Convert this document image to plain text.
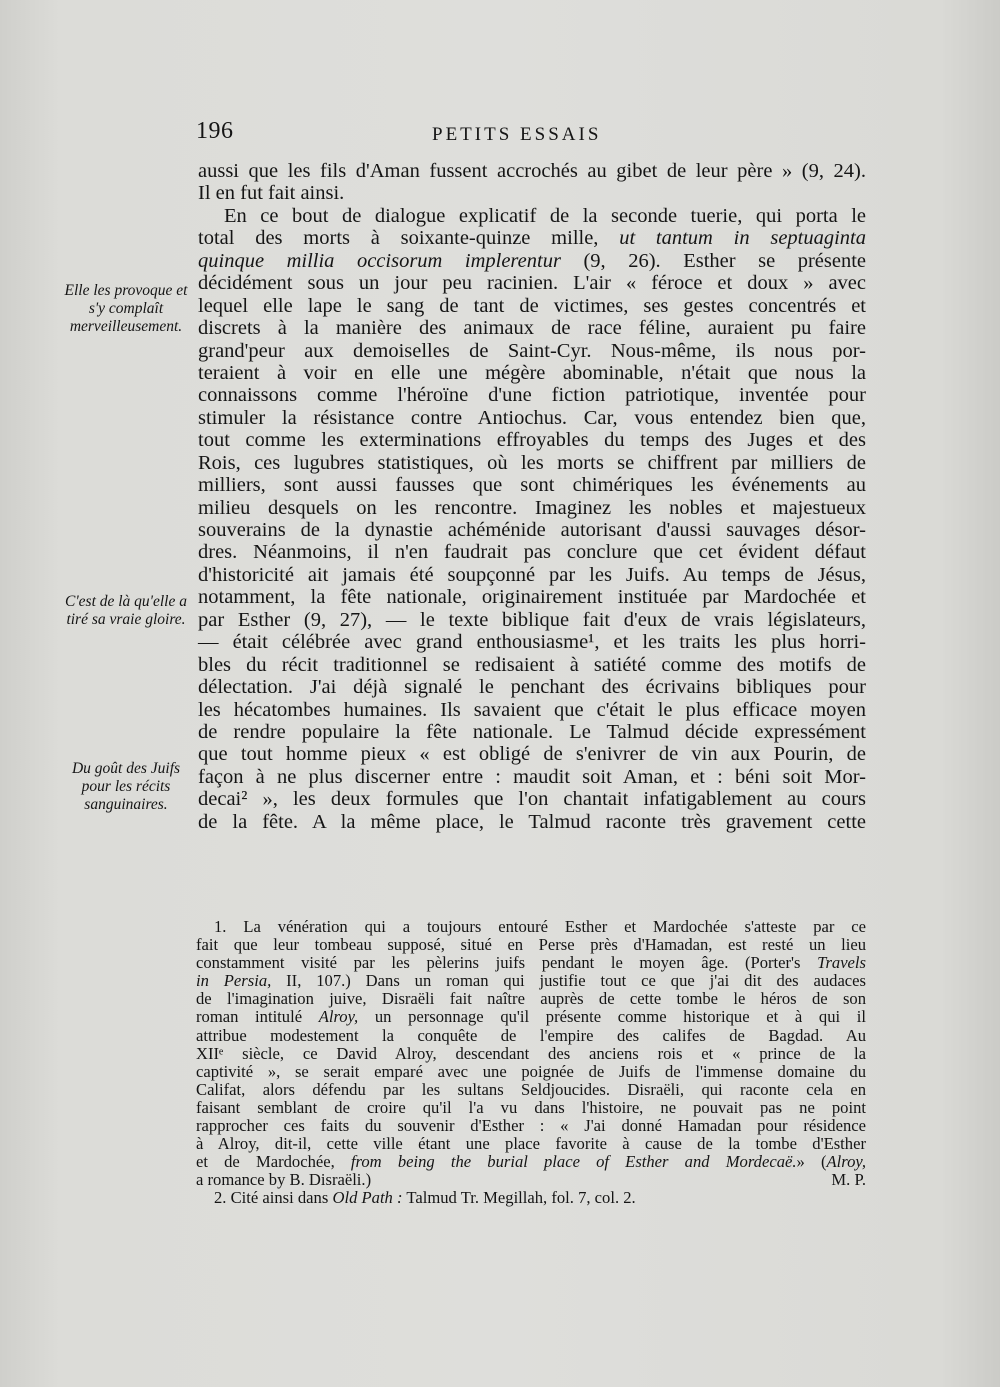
196	PETITS ESSAIS
Elle les provoque et s'y complaît merveilleusement.
C'est de là qu'elle a tiré sa vraie gloire.
Du goût des Juifs pour les récits sanguinaires.
aussi que les fils d'Aman fussent accrochés au gibet de leur père » (9, 24).
Il en fut fait ainsi.
En ce bout de dialogue explicatif de la seconde tuerie, qui porta le
total des morts à soixante-quinze mille, ut tantum in septuaginta
quinque millia occisorum implerentur (9, 26). Esther se présente
décidément sous un jour peu racinien. L'air « féroce et doux » avec
lequel elle lape le sang de tant de victimes, ses gestes concentrés et
discrets à la manière des animaux de race féline, auraient pu faire
grand'peur aux demoiselles de Saint-Cyr. Nous-même, ils nous por-
teraient à voir en elle une mégère abominable, n'était que nous la
connaissons comme l'héroïne d'une fiction patriotique, inventée pour
stimuler la résistance contre Antiochus. Car, vous entendez bien que,
tout comme les exterminations effroyables du temps des Juges et des
Rois, ces lugubres statistiques, où les morts se chiffrent par milliers de
milliers, sont aussi fausses que sont chimériques les événements au
milieu desquels on les rencontre. Imaginez les nobles et majestueux
souverains de la dynastie achéménide autorisant d'aussi sauvages désor-
dres. Néanmoins, il n'en faudrait pas conclure que cet évident défaut
d'historicité ait jamais été soupçonné par les Juifs. Au temps de Jésus,
notamment, la fête nationale, originairement instituée par Mardochée et
par Esther (9, 27), — le texte biblique fait d'eux de vrais législateurs,
— était célébrée avec grand enthousiasme¹, et les traits les plus horri-
bles du récit traditionnel se redisaient à satiété comme des motifs de
délectation. J'ai déjà signalé le penchant des écrivains bibliques pour
les hécatombes humaines. Ils savaient que c'était le plus efficace moyen
de rendre populaire la fête nationale. Le Talmud décide expressément
que tout homme pieux « est obligé de s'enivrer de vin aux Pourin, de
façon à ne plus discerner entre : maudit soit Aman, et : béni soit Mor-
decai² », les deux formules que l'on chantait infatigablement au cours
de la fête. A la même place, le Talmud raconte très gravement cette
1. La vénération qui a toujours entouré Esther et Mardochée s'atteste par ce
fait que leur tombeau supposé, situé en Perse près d'Hamadan, est resté un lieu
constamment visité par les pèlerins juifs pendant le moyen âge. (Porter's Travels
in Persia, II, 107.) Dans un roman qui justifie tout ce que j'ai dit des audaces
de l'imagination juive, Disraëli fait naître auprès de cette tombe le héros de son
roman intitulé Alroy, un personnage qu'il présente comme historique et à qui il
attribue modestement la conquête de l'empire des califes de Bagdad. Au
XIIᵉ siècle, ce David Alroy, descendant des anciens rois et « prince de la
captivité », se serait emparé avec une poignée de Juifs de l'immense domaine du
Califat, alors défendu par les sultans Seldjoucides. Disraëli, qui raconte cela en
faisant semblant de croire qu'il l'a vu dans l'histoire, ne pouvait pas ne point
rapprocher ces faits du souvenir d'Esther : « J'ai donné Hamadan pour résidence
à Alroy, dit-il, cette ville étant une place favorite à cause de la tombe d'Esther
et de Mardochée, from being the burial place of Esther and Mordecaë.» (Alroy,
a romance by B. Disraëli.)	M. P.
2. Cité ainsi dans Old Path : Talmud Tr. Megillah, fol. 7, col. 2.
